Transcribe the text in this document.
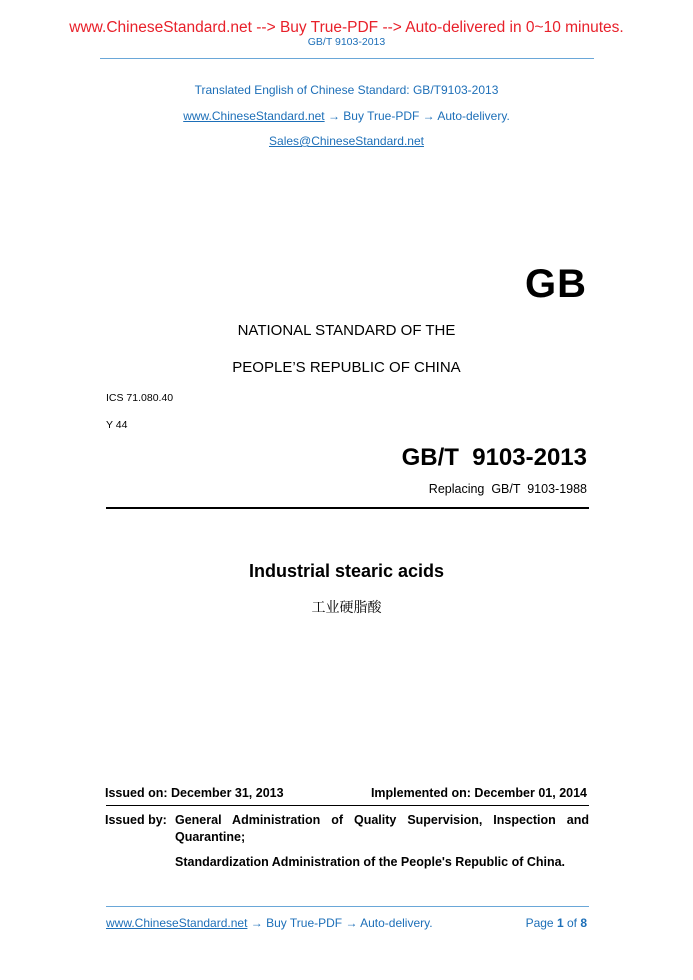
www.ChineseStandard.net --> Buy True-PDF --> Auto-delivered in 0~10 minutes.
GB/T 9103-2013
Translated English of Chinese Standard: GB/T9103-2013
www.ChineseStandard.net → Buy True-PDF → Auto-delivery.
Sales@ChineseStandard.net
GB
NATIONAL STANDARD OF THE
PEOPLE’S REPUBLIC OF CHINA
ICS 71.080.40
Y 44
GB/T  9103-2013
Replacing  GB/T  9103-1988
Industrial stearic acids
工业硬脂酸
Issued on: December 31, 2013	Implemented on: December 01, 2014
Issued by: General Administration of Quality Supervision, Inspection and Quarantine;
Standardization Administration of the People's Republic of China.
www.ChineseStandard.net → Buy True-PDF → Auto-delivery.	Page 1 of 8
